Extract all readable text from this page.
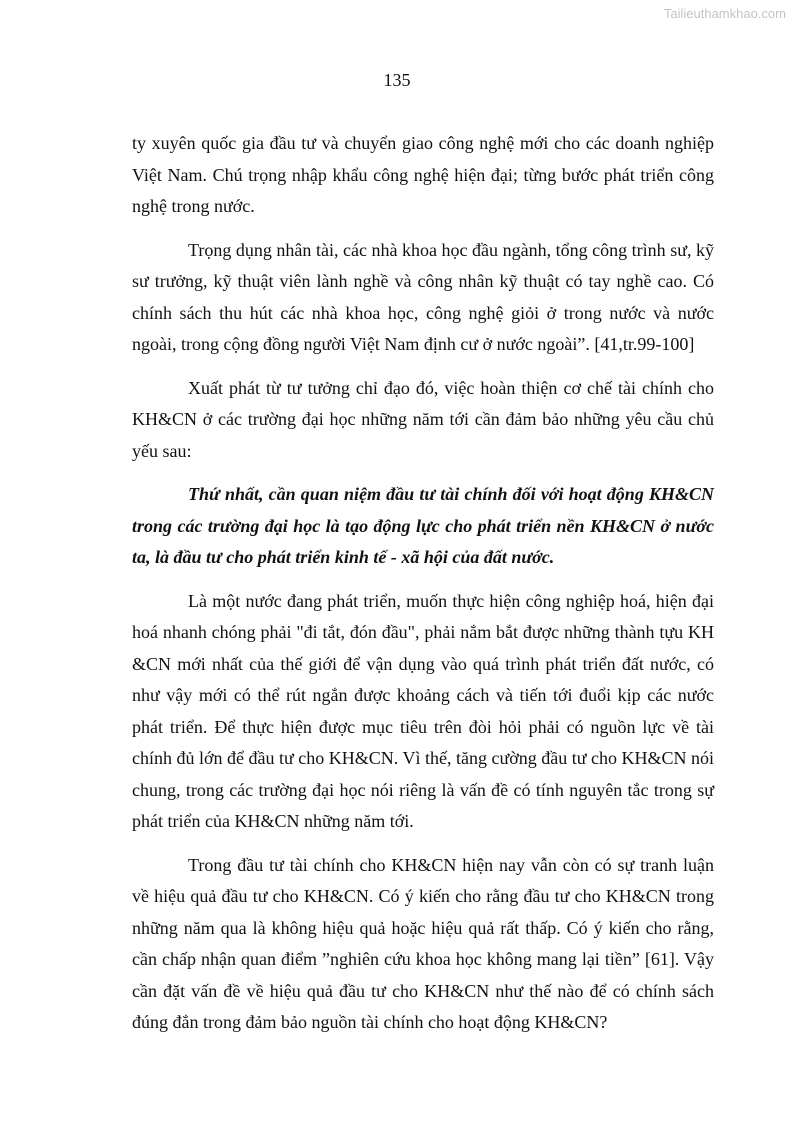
Tailieuthamkhao.com
135

ty xuyên quốc gia đầu tư và chuyển giao công nghệ mới cho các doanh nghiệp Việt Nam. Chú trọng nhập khẩu công nghệ hiện đại; từng bước phát triển công nghệ trong nước.

Trọng dụng nhân tài, các nhà khoa học đầu ngành, tổng công trình sư, kỹ sư trưởng, kỹ thuật viên lành nghề và công nhân kỹ thuật có tay nghề cao. Có chính sách thu hút các nhà khoa học, công nghệ giỏi ở trong nước và nước ngoài, trong cộng đồng người Việt Nam định cư ở nước ngoài”. [41,tr.99-100]

Xuất phát từ tư tưởng chỉ đạo đó, việc hoàn thiện cơ chế tài chính cho KH&CN ở các trường đại học những năm tới cần đảm bảo những yêu cầu chủ yếu sau:

Thứ nhất, cần quan niệm đầu tư tài chính đối với hoạt động KH&CN trong các trường đại học là tạo động lực cho phát triển nền KH&CN ở nước ta, là đầu tư cho phát triển kinh tế - xã hội của đất nước.

Là một nước đang phát triển, muốn thực hiện công nghiệp hoá, hiện đại hoá nhanh chóng phải "đi tắt, đón đầu", phải nắm bắt được những thành tựu KH &CN mới nhất của thế giới để vận dụng vào quá trình phát triển đất nước, có như vậy mới có thể rút ngắn được khoảng cách và tiến tới đuổi kịp các nước phát triển. Để thực hiện được mục tiêu trên đòi hỏi phải có nguồn lực về tài chính đủ lớn để đầu tư cho KH&CN. Vì thế, tăng cường đầu tư cho KH&CN nói chung, trong các trường đại học nói riêng là vấn đề có tính nguyên tắc trong sự phát triển của KH&CN những năm tới.

Trong đầu tư tài chính cho KH&CN hiện nay vẫn còn có sự tranh luận về hiệu quả đầu tư cho KH&CN. Có ý kiến cho rằng đầu tư cho KH&CN trong những năm qua là không hiệu quả hoặc hiệu quả rất thấp. Có ý kiến cho rằng, cần chấp nhận quan điểm ”nghiên cứu khoa học không mang lại tiền” [61]. Vậy cần đặt vấn đề về hiệu quả đầu tư cho KH&CN như thế nào để có chính sách đúng đắn trong đảm bảo nguồn tài chính cho hoạt động KH&CN?
